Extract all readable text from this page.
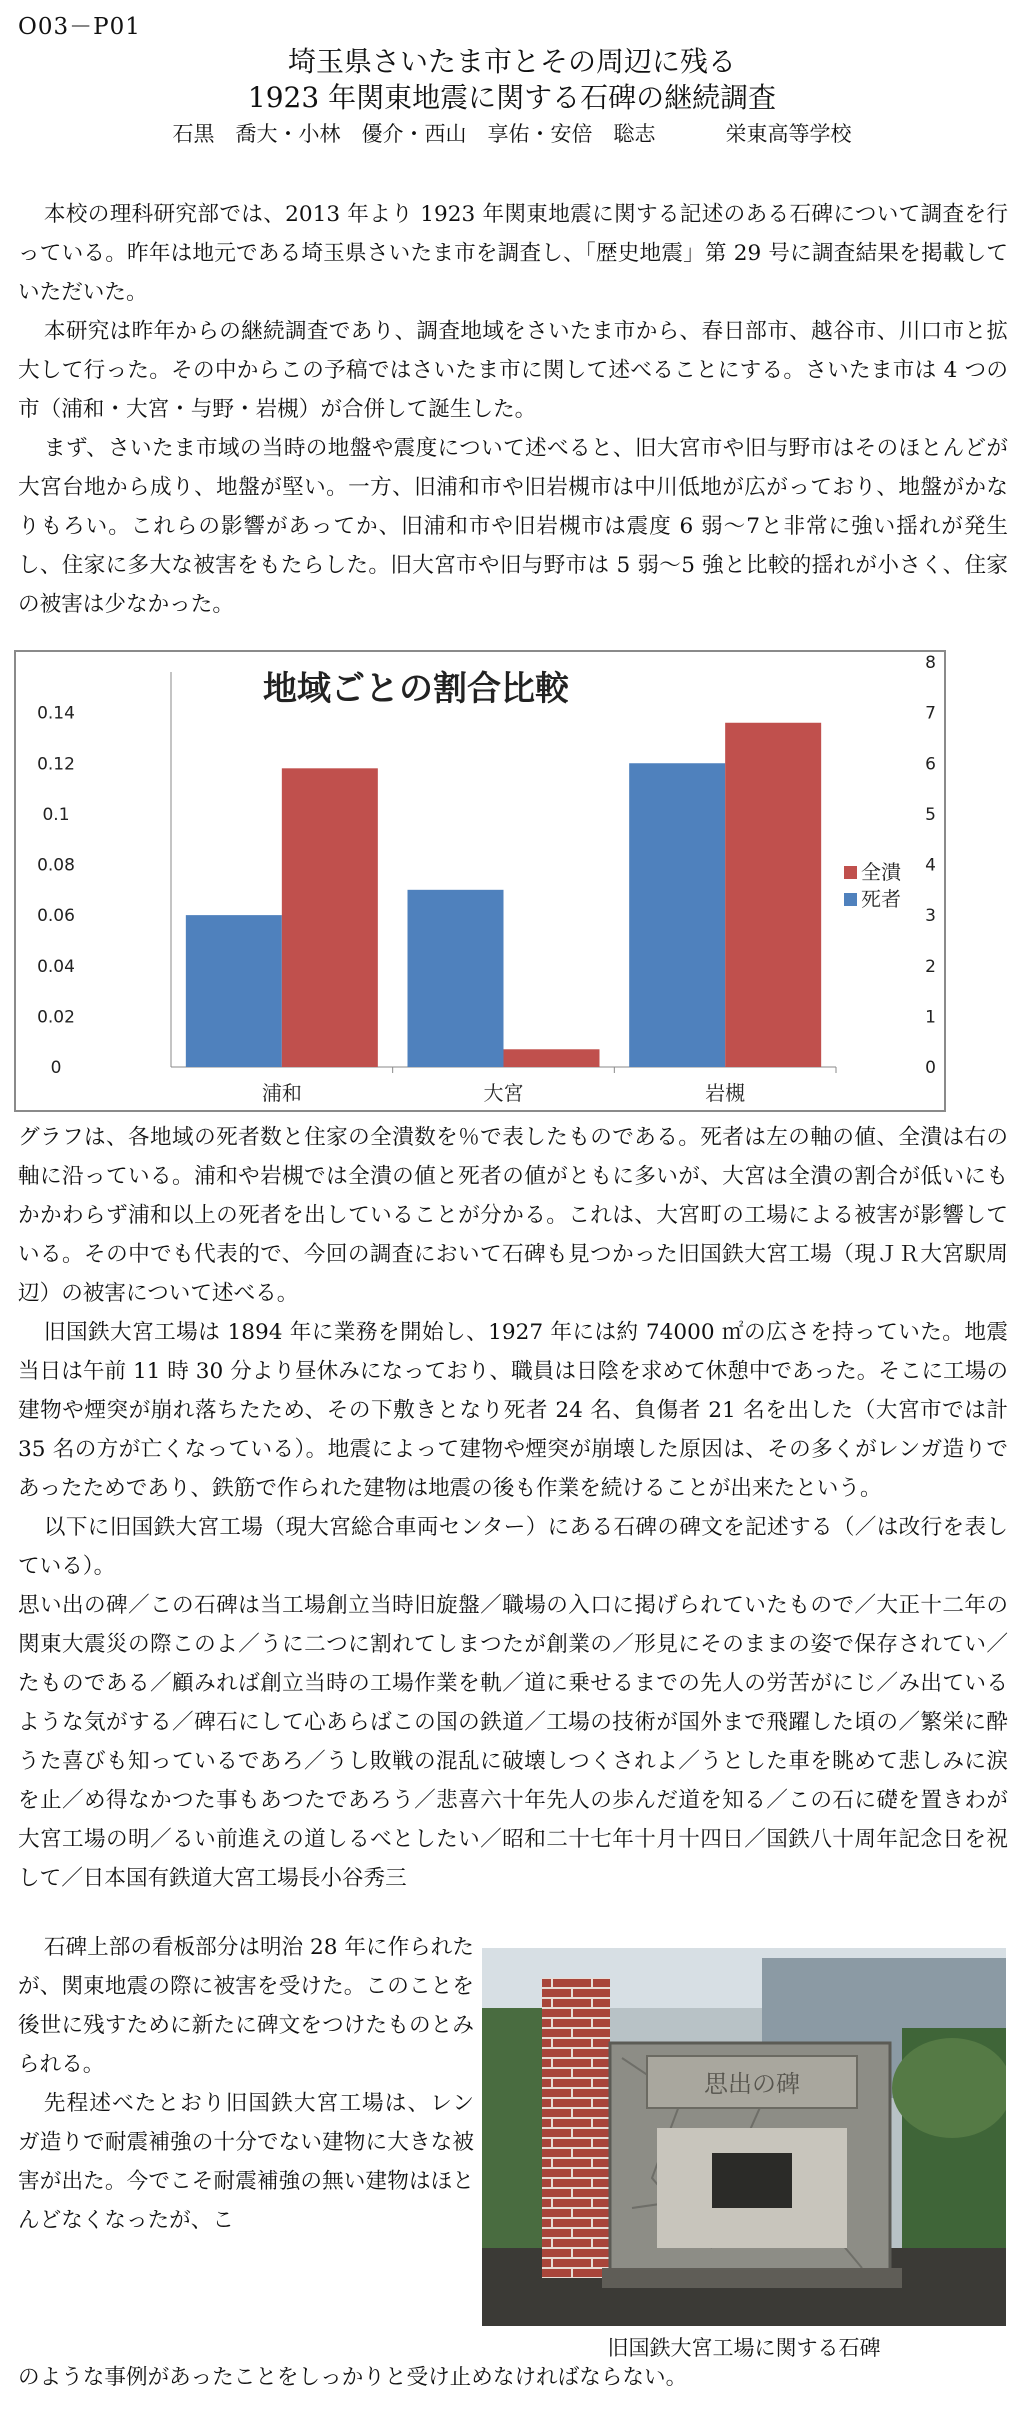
O03－P01
埼玉県さいたま市とその周辺に残る
1923 年関東地震に関する石碑の継続調査
石黒　喬大・小林　優介・西山　享佑・安倍　聡志	栄東高等学校

本校の理科研究部では、2013 年より 1923 年関東地震に関する記述のある石碑について調査を行っている。昨年は地元である埼玉県さいたま市を調査し、「歴史地震」第 29 号に調査結果を掲載していただいた。

本研究は昨年からの継続調査であり、調査地域をさいたま市から、春日部市、越谷市、川口市と拡大して行った。その中からこの予稿ではさいたま市に関して述べることにする。さいたま市は 4 つの市（浦和・大宮・与野・岩槻）が合併して誕生した。

まず、さいたま市域の当時の地盤や震度について述べると、旧大宮市や旧与野市はそのほとんどが大宮台地から成り、地盤が堅い。一方、旧浦和市や旧岩槻市は中川低地が広がっており、地盤がかなりもろい。これらの影響があってか、旧浦和市や旧岩槻市は震度 6 弱～7と非常に強い揺れが発生し、住家に多大な被害をもたらした。旧大宮市や旧与野市は 5 弱～5 強と比較的揺れが小さく、住家の被害は少なかった。

地域ごとの割合比較
0
0.02
0.04
0.06
0.08
0.1
0.12
0.14
0
1
2
3
4
5
6
7
8
浦和	大宮	岩槻
全潰
死者

グラフは、各地域の死者数と住家の全潰数を％で表したものである。死者は左の軸の値、全潰は右の軸に沿っている。浦和や岩槻では全潰の値と死者の値がともに多いが、大宮は全潰の割合が低いにもかかわらず浦和以上の死者を出していることが分かる。これは、大宮町の工場による被害が影響している。その中でも代表的で、今回の調査において石碑も見つかった旧国鉄大宮工場（現ＪＲ大宮駅周辺）の被害について述べる。

旧国鉄大宮工場は 1894 年に業務を開始し、1927 年には約 74000 ㎡の広さを持っていた。地震当日は午前 11 時 30 分より昼休みになっており、職員は日陰を求めて休憩中であった。そこに工場の建物や煙突が崩れ落ちたため、その下敷きとなり死者 24 名、負傷者 21 名を出した（大宮市では計 35 名の方が亡くなっている）。地震によって建物や煙突が崩壊した原因は、その多くがレンガ造りであったためであり、鉄筋で作られた建物は地震の後も作業を続けることが出来たという。

以下に旧国鉄大宮工場（現大宮総合車両センター）にある石碑の碑文を記述する（／は改行を表している）。

思い出の碑／この石碑は当工場創立当時旧旋盤／職場の入口に掲げられていたもので／大正十二年の関東大震災の際このよ／うに二つに割れてしまつたが創業の／形見にそのままの姿で保存されてい／たものである／顧みれば創立当時の工場作業を軌／道に乗せるまでの先人の労苦がにじ／み出ているような気がする／碑石にして心あらばこの国の鉄道／工場の技術が国外まで飛躍した頃の／繁栄に酔うた喜びも知っているであろ／うし敗戦の混乱に破壊しつくされよ／うとした車を眺めて悲しみに涙を止／め得なかつた事もあつたであろう／悲喜六十年先人の歩んだ道を知る／この石に礎を置きわが大宮工場の明／るい前進えの道しるべとしたい／昭和二十七年十月十四日／国鉄八十周年記念日を祝して／日本国有鉄道大宮工場長小谷秀三

石碑上部の看板部分は明治 28 年に作られたが、関東地震の際に被害を受けた。このことを後世に残すために新たに碑文をつけたものとみられる。

先程述べたとおり旧国鉄大宮工場は、レンガ造りで耐震補強の十分でない建物に大きな被害が出た。今でこそ耐震補強の無い建物はほとんどなくなったが、こ

思出の碑
旧国鉄大宮工場に関する石碑
のような事例があったことをしっかりと受け止めなければならない。
